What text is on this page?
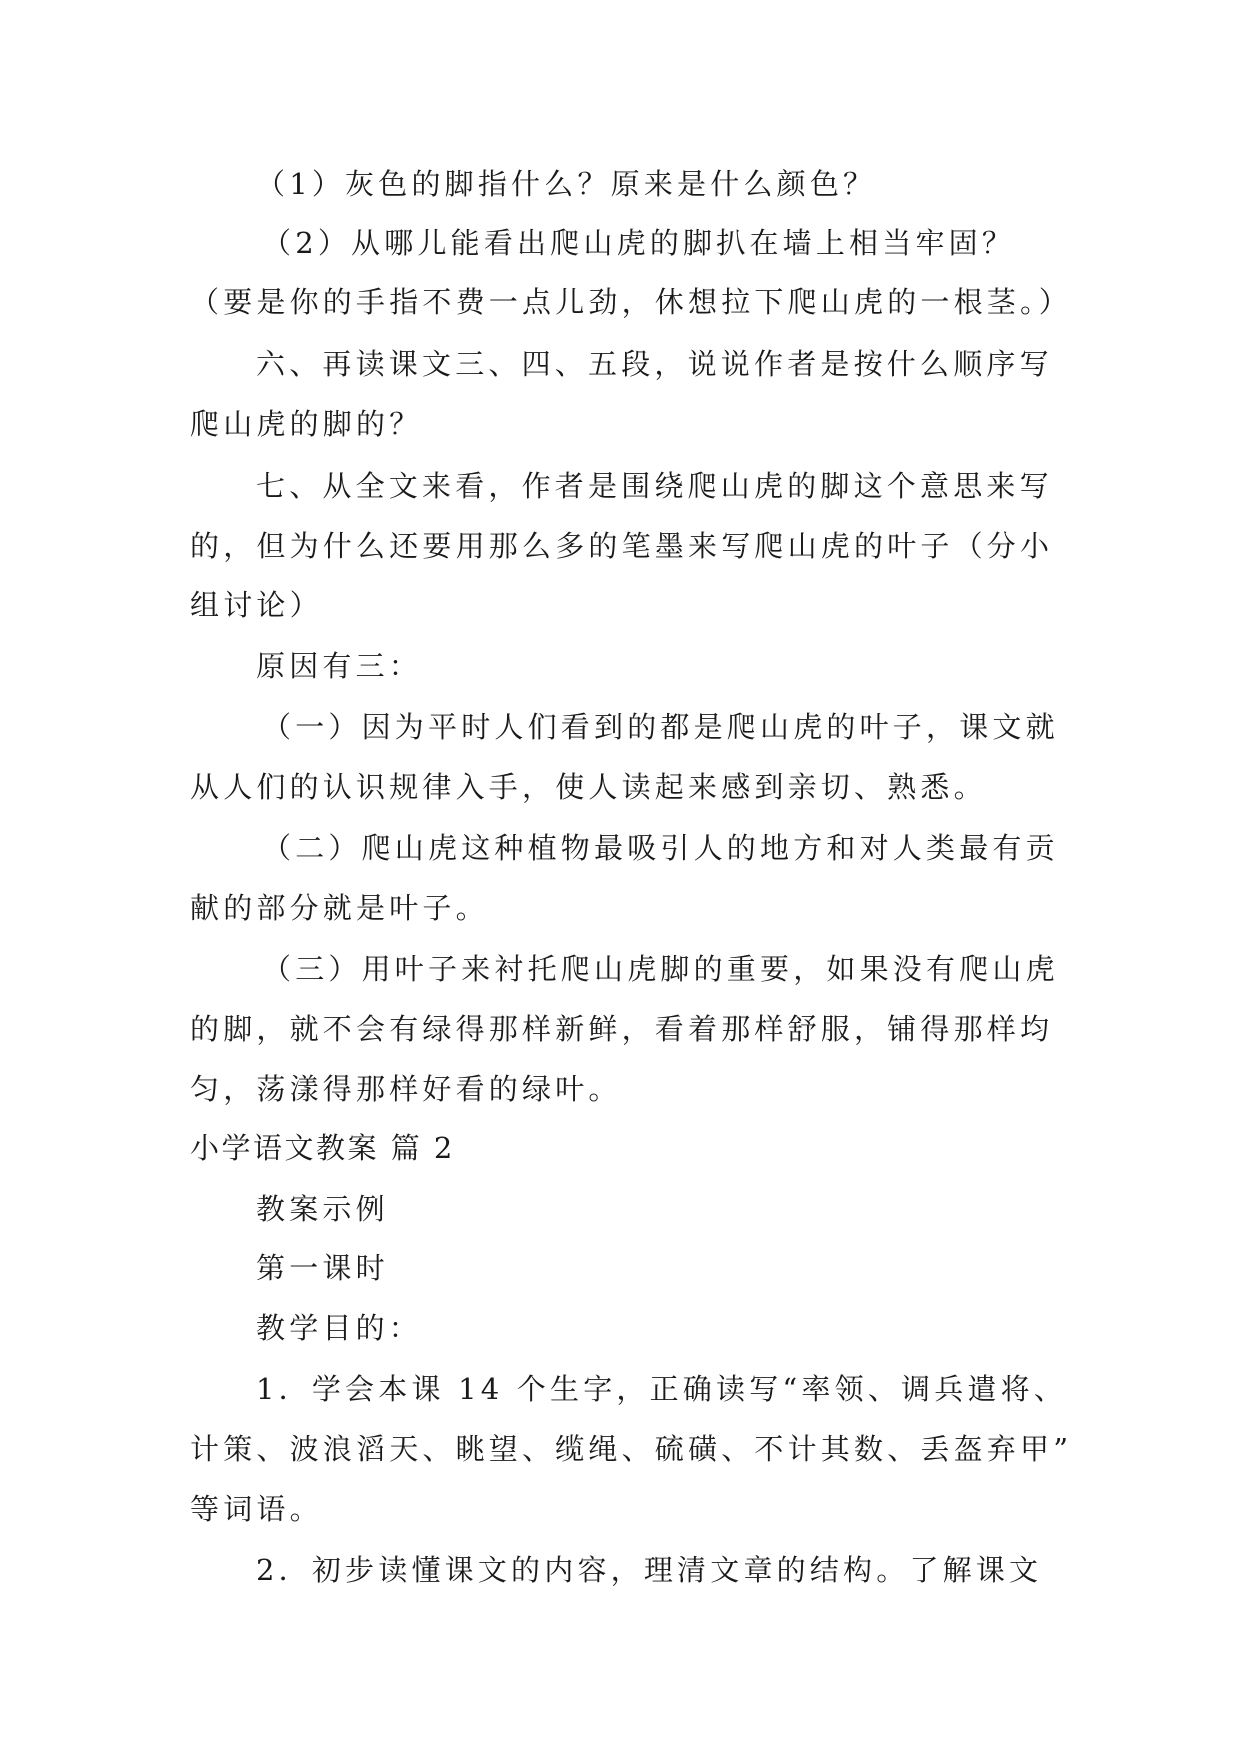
（1）灰色的脚指什么？原来是什么颜色？
（2）从哪儿能看出爬山虎的脚扒在墙上相当牢固？
（要是你的手指不费一点儿劲，休想拉下爬山虎的一根茎。）
六、再读课文三、四、五段，说说作者是按什么顺序写
爬山虎的脚的？
七、从全文来看，作者是围绕爬山虎的脚这个意思来写
的，但为什么还要用那么多的笔墨来写爬山虎的叶子（分小
组讨论）
原因有三：
（一）因为平时人们看到的都是爬山虎的叶子，课文就
从人们的认识规律入手，使人读起来感到亲切、熟悉。
（二）爬山虎这种植物最吸引人的地方和对人类最有贡
献的部分就是叶子。
（三）用叶子来衬托爬山虎脚的重要，如果没有爬山虎
的脚，就不会有绿得那样新鲜，看着那样舒服，铺得那样均
匀，荡漾得那样好看的绿叶。
小学语文教案 篇 2
教案示例
第一课时
教学目的：
1．学会本课 14 个生字，正确读写“率领、调兵遣将、
计策、波浪滔天、眺望、缆绳、硫磺、不计其数、丢盔弃甲”
等词语。
2．初步读懂课文的内容，理清文章的结构。了解课文
